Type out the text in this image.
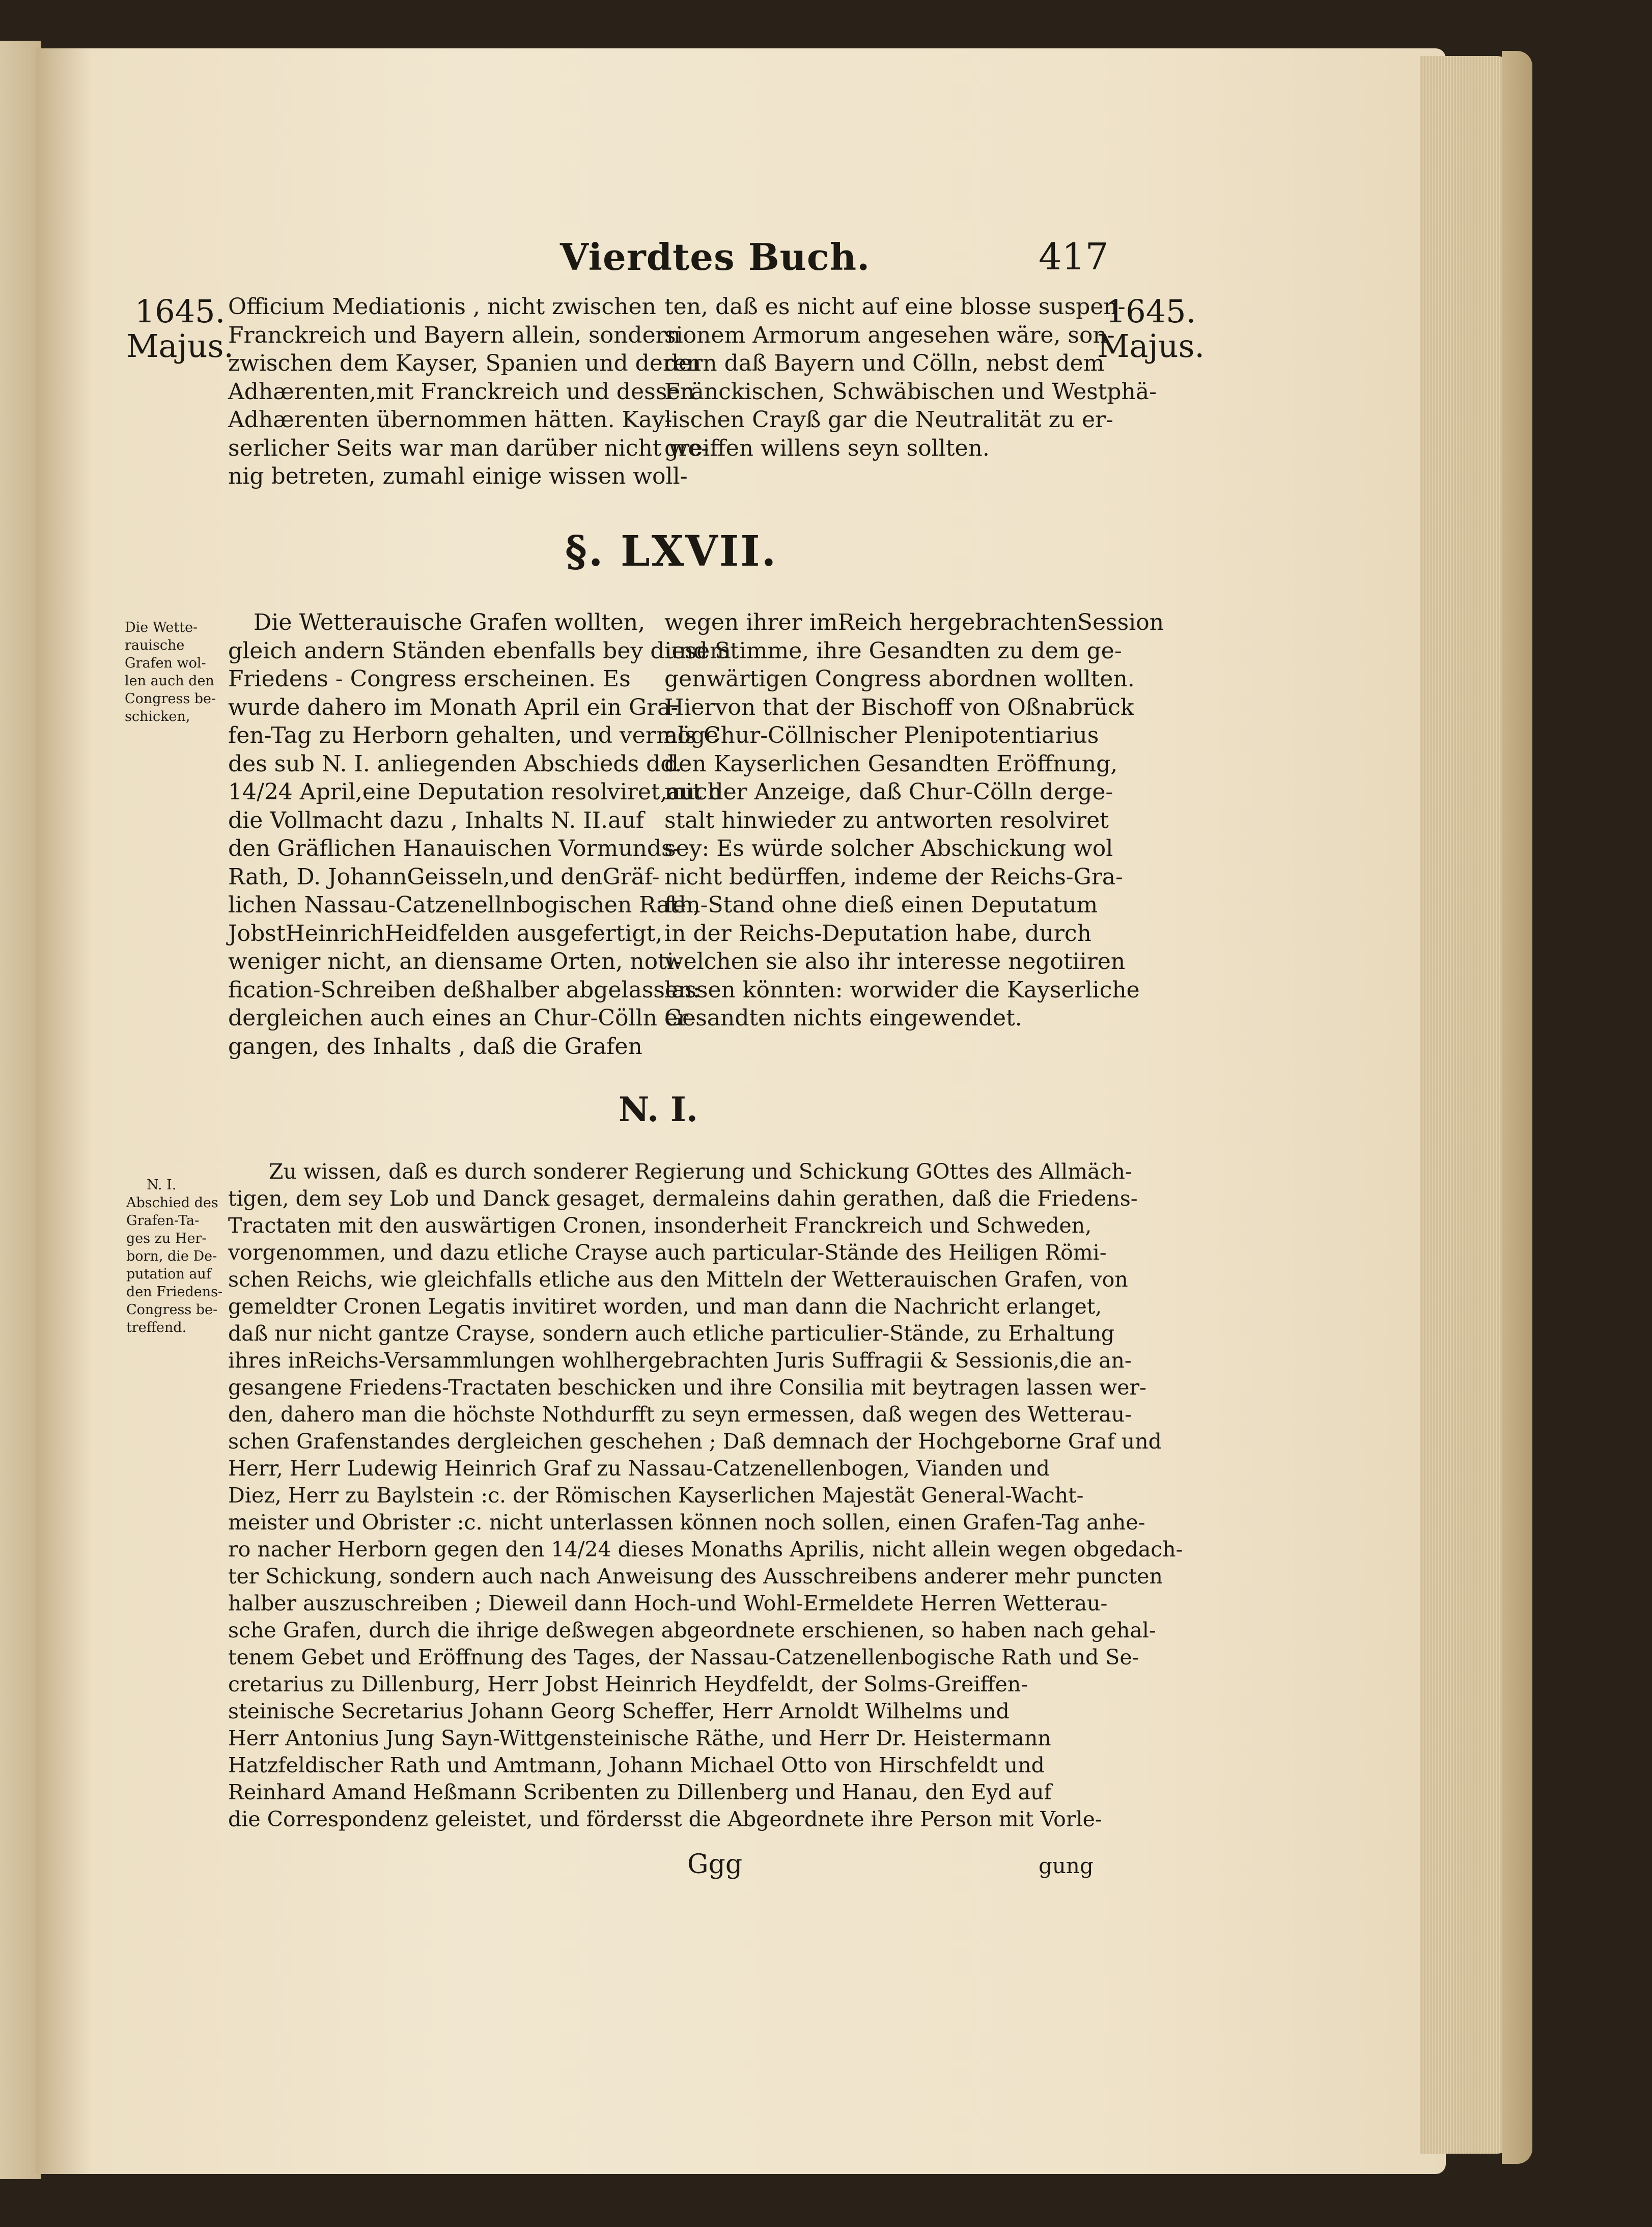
Vierdtes Buch.	417
1645.
Majus.
1645.
Majus.
Officium Mediationis , nicht zwischen
Franckreich und Bayern allein, sondern
zwischen dem Kayser, Spanien und deren
Adhærenten,mit Franckreich und dessen
Adhærenten übernommen hätten. Kay-
serlicher Seits war man darüber nicht we-
nig betreten, zumahl einige wissen woll-
ten, daß es nicht auf eine blosse suspen-
sionem Armorum angesehen wäre, son-
dern daß Bayern und Cölln, nebst dem
Fränckischen, Schwäbischen und Westphä-
lischen Crayß gar die Neutralität zu er-
greiffen willens seyn sollten.
§. LXVII.
Die Wette-
rauische
Grafen wol-
len auch den
Congress be-
schicken,
Die Wetterauische Grafen wollten,
gleich andern Ständen ebenfalls bey diesem
Friedens - Congress erscheinen. Es
wurde dahero im Monath April ein Gra-
fen-Tag zu Herborn gehalten, und vermöge
des sub N. I. anliegenden Abschieds dd.
14/24 April,eine Deputation resolviret,auch
die Vollmacht dazu , Inhalts N. II.auf
den Gräflichen Hanauischen Vormunds-
Rath, D. JohannGeisseln,und denGräf-
lichen Nassau-Catzenellnbogischen Rath,
JobstHeinrichHeidfelden ausgefertigt,
weniger nicht, an diensame Orten, noti-
fication-Schreiben deßhalber abgelassen:
dergleichen auch eines an Chur-Cölln er-
gangen, des Inhalts , daß die Grafen
wegen ihrer imReich hergebrachtenSession
und Stimme, ihre Gesandten zu dem ge-
genwärtigen Congress abordnen wollten.
Hiervon that der Bischoff von Oßnabrück
als Chur-Cöllnischer Plenipotentiarius
den Kayserlichen Gesandten Eröffnung,
mit der Anzeige, daß Chur-Cölln derge-
stalt hinwieder zu antworten resolviret
sey: Es würde solcher Abschickung wol
nicht bedürffen, indeme der Reichs-Gra-
fen-Stand ohne dieß einen Deputatum
in der Reichs-Deputation habe, durch
welchen sie also ihr interesse negotiiren
lassen könnten: worwider die Kayserliche
Gesandten nichts eingewendet.
N. I.
N. I.
Abschied des
Grafen-Ta-
ges zu Her-
born, die De-
putation auf
den Friedens-
Congress be-
treffend.
Zu wissen, daß es durch sonderer Regierung und Schickung GOttes des Allmäch-
tigen, dem sey Lob und Danck gesaget, dermaleins dahin gerathen, daß die Friedens-
Tractaten mit den auswärtigen Cronen, insonderheit Franckreich und Schweden,
vorgenommen, und dazu etliche Crayse auch particular-Stände des Heiligen Römi-
schen Reichs, wie gleichfalls etliche aus den Mitteln der Wetterauischen Grafen, von
gemeldter Cronen Legatis invitiret worden, und man dann die Nachricht erlanget,
daß nur nicht gantze Crayse, sondern auch etliche particulier-Stände, zu Erhaltung
ihres inReichs-Versammlungen wohlhergebrachten Juris Suffragii & Sessionis,die an-
gesangene Friedens-Tractaten beschicken und ihre Consilia mit beytragen lassen wer-
den, dahero man die höchste Nothdurfft zu seyn ermessen, daß wegen des Wetterau-
schen Grafenstandes dergleichen geschehen ; Daß demnach der Hochgeborne Graf und
Herr, Herr Ludewig Heinrich Graf zu Nassau-Catzenellenbogen, Vianden und
Diez, Herr zu Baylstein :c. der Römischen Kayserlichen Majestät General-Wacht-
meister und Obrister :c. nicht unterlassen können noch sollen, einen Grafen-Tag anhe-
ro nacher Herborn gegen den 14/24 dieses Monaths Aprilis, nicht allein wegen obgedach-
ter Schickung, sondern auch nach Anweisung des Ausschreibens anderer mehr puncten
halber auszuschreiben ; Dieweil dann Hoch-und Wohl-Ermeldete Herren Wetterau-
sche Grafen, durch die ihrige deßwegen abgeordnete erschienen, so haben nach gehal-
tenem Gebet und Eröffnung des Tages, der Nassau-Catzenellenbogische Rath und Se-
cretarius zu Dillenburg, Herr Jobst Heinrich Heydfeldt, der Solms-Greiffen-
steinische Secretarius Johann Georg Scheffer, Herr Arnoldt Wilhelms und
Herr Antonius Jung Sayn-Wittgensteinische Räthe, und Herr Dr. Heistermann
Hatzfeldischer Rath und Amtmann, Johann Michael Otto von Hirschfeldt und
Reinhard Amand Heßmann Scribenten zu Dillenberg und Hanau, den Eyd auf
die Correspondenz geleistet, und fördersst die Abgeordnete ihre Person mit Vorle-
Ggg	gung
